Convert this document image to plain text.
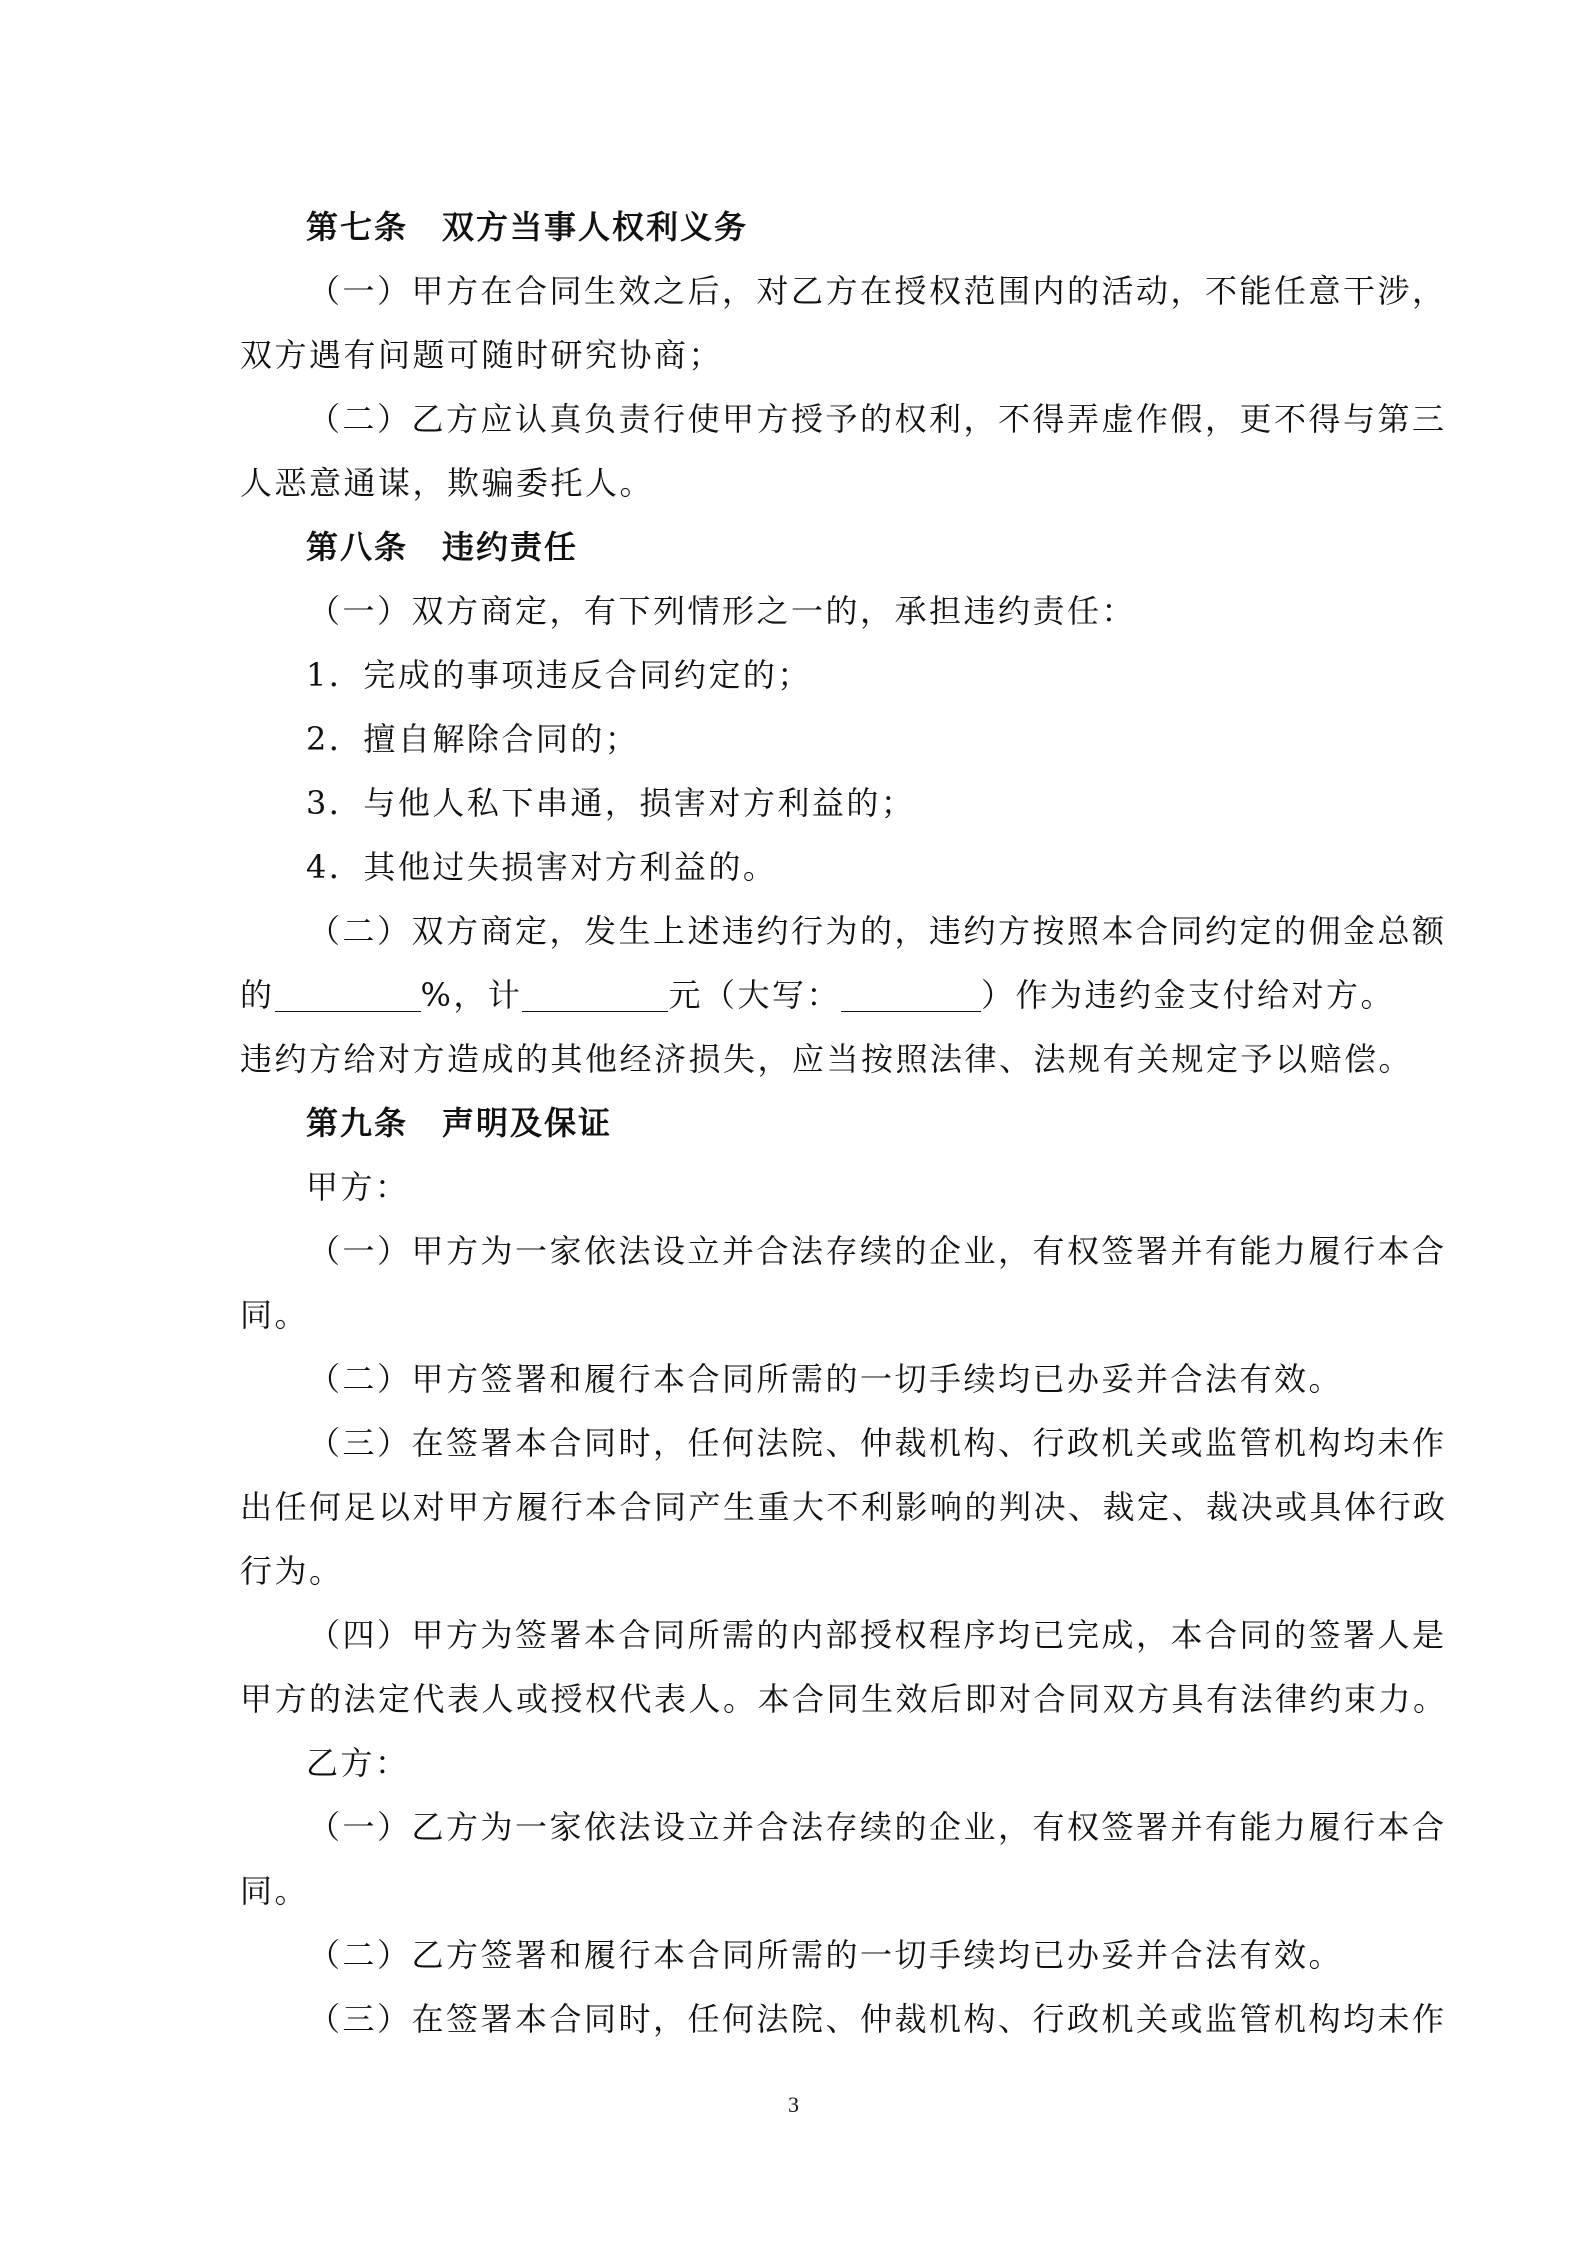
第七条 双方当事人权利义务
（一）甲方在合同生效之后，对乙方在授权范围内的活动，不能任意干涉，
双方遇有问题可随时研究协商；
（二）乙方应认真负责行使甲方授予的权利，不得弄虚作假，更不得与第三
人恶意通谋，欺骗委托人。
第八条 违约责任
（一）双方商定，有下列情形之一的，承担违约责任：
1．完成的事项违反合同约定的；
2．擅自解除合同的；
3．与他人私下串通，损害对方利益的；
4．其他过失损害对方利益的。
（二）双方商定，发生上述违约行为的，违约方按照本合同约定的佣金总额
的	%，计	元（大写：	）作为违约金支付给对方。
违约方给对方造成的其他经济损失，应当按照法律、法规有关规定予以赔偿。
第九条 声明及保证
甲方：
（一）甲方为一家依法设立并合法存续的企业，有权签署并有能力履行本合
同。
（二）甲方签署和履行本合同所需的一切手续均已办妥并合法有效。
（三）在签署本合同时，任何法院、仲裁机构、行政机关或监管机构均未作
出任何足以对甲方履行本合同产生重大不利影响的判决、裁定、裁决或具体行政
行为。
（四）甲方为签署本合同所需的内部授权程序均已完成，本合同的签署人是
甲方的法定代表人或授权代表人。本合同生效后即对合同双方具有法律约束力。
乙方：
（一）乙方为一家依法设立并合法存续的企业，有权签署并有能力履行本合
同。
（二）乙方签署和履行本合同所需的一切手续均已办妥并合法有效。
（三）在签署本合同时，任何法院、仲裁机构、行政机关或监管机构均未作
3
